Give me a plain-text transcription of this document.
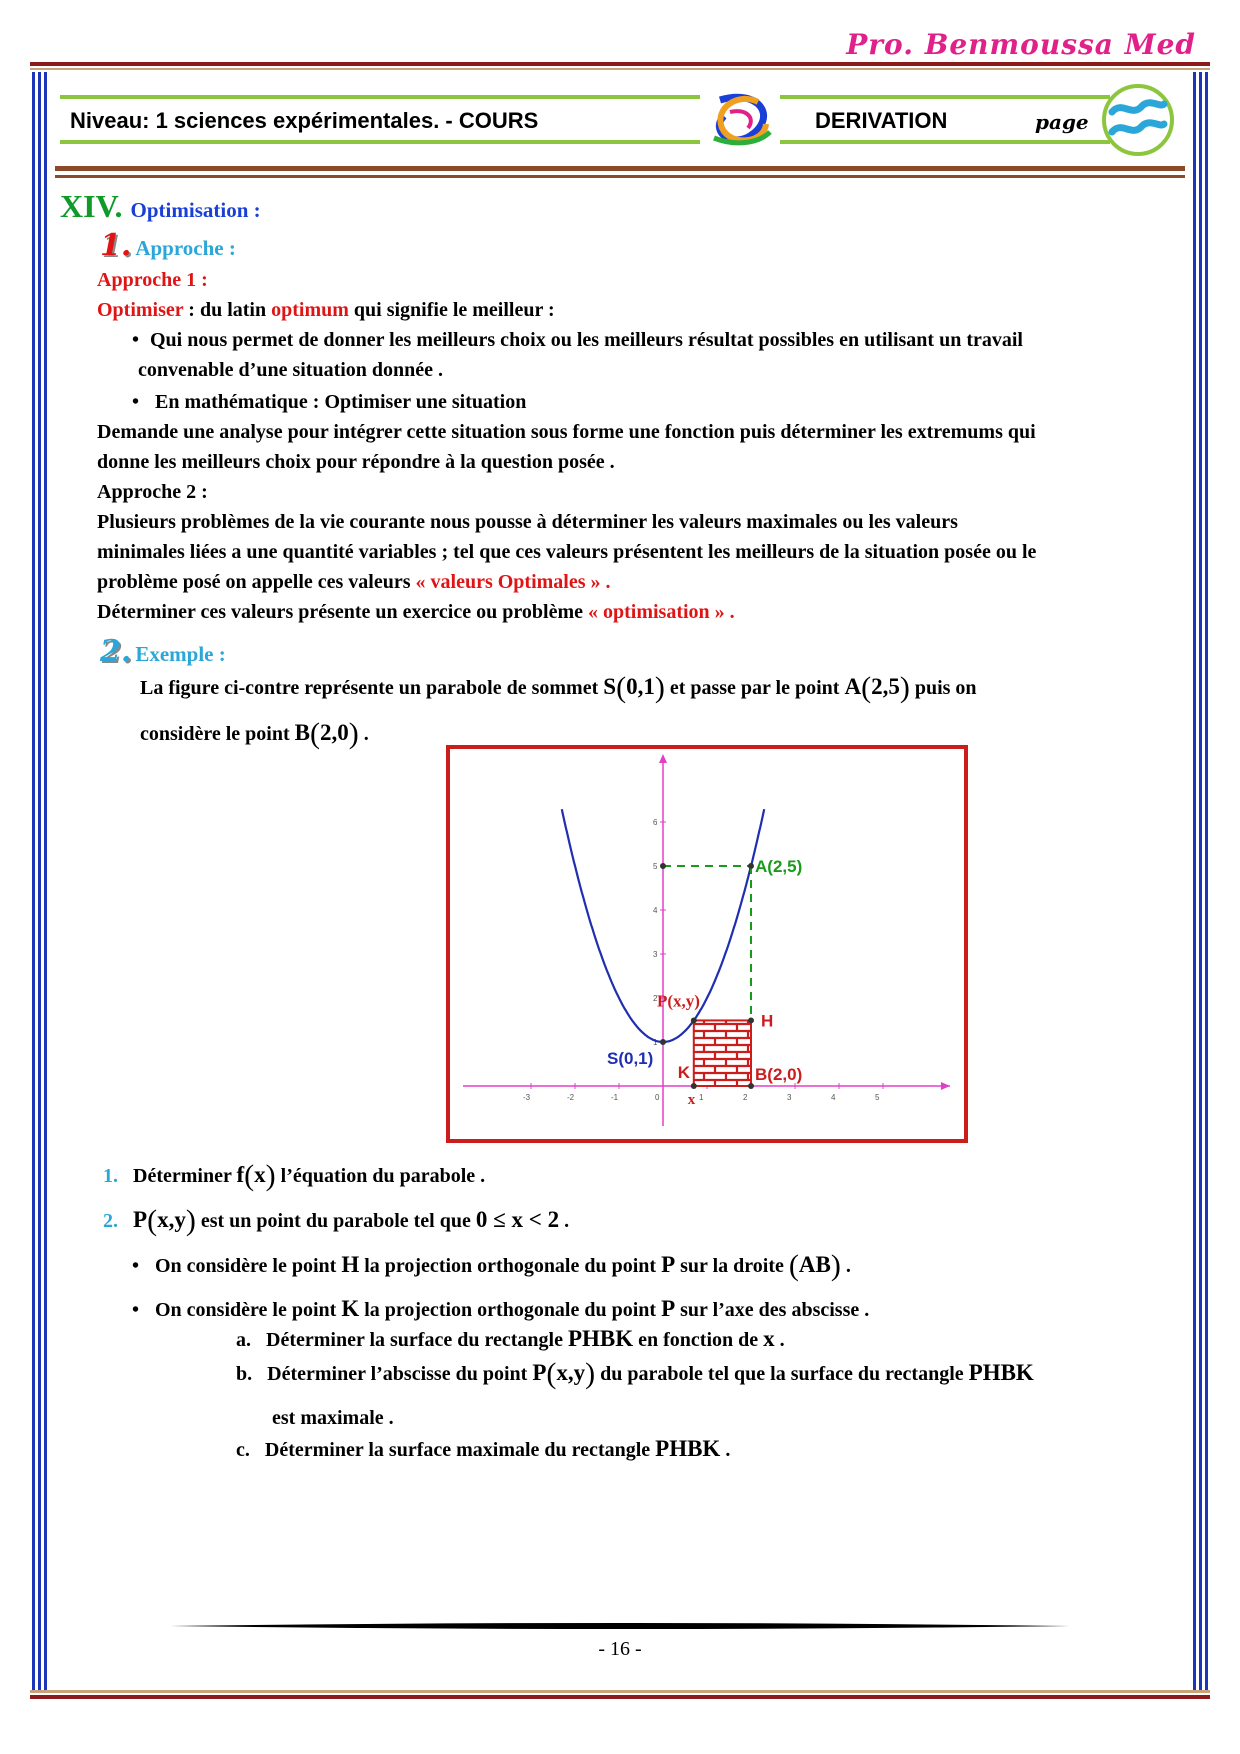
Pro. Benmoussa Med
Niveau: 1 sciences expérimentales. - COURS	DERIVATION	page
XIV. Optimisation :
1. Approche :
Approche 1 :
Optimiser : du latin optimum qui signifie le meilleur :
• Qui nous permet de donner les meilleurs choix ou les meilleurs résultat possibles en utilisant un travail
convenable d’une situation donnée .
• En mathématique : Optimiser une situation
Demande une analyse pour intégrer cette situation sous forme une fonction puis déterminer les extremums qui
donne les meilleurs choix pour répondre à la question posée .
Approche 2 :
Plusieurs problèmes de la vie courante nous pousse à déterminer les valeurs maximales ou les valeurs
minimales liées a une quantité variables ; tel que ces valeurs présentent les meilleurs de la situation posée ou le
problème posé on appelle ces valeurs « valeurs Optimales » .
Déterminer ces valeurs présente un exercice ou problème « optimisation » .
2. Exemple :
La figure ci-contre représente un parabole de sommet S(0,1) et passe par le point A(2,5) puis on
considère le point B(2,0) .
-3	-2	-1	0	1	2	3	4	5
1
2
3
4
5
6
A(2,5)
S(0,1)
P(x,y)
H
K	B(2,0)
x
1. Déterminer f(x) l’équation du parabole .
2. P(x,y) est un point du parabole tel que 0 ≤ x < 2 .
• On considère le point H la projection orthogonale du point P sur la droite (AB) .
• On considère le point K la projection orthogonale du point P sur l’axe des abscisse .
a. Déterminer la surface du rectangle PHBK en fonction de x .
b. Déterminer l’abscisse du point P(x,y) du parabole tel que la surface du rectangle PHBK
est maximale .
c. Déterminer la surface maximale du rectangle PHBK .
- 16 -
